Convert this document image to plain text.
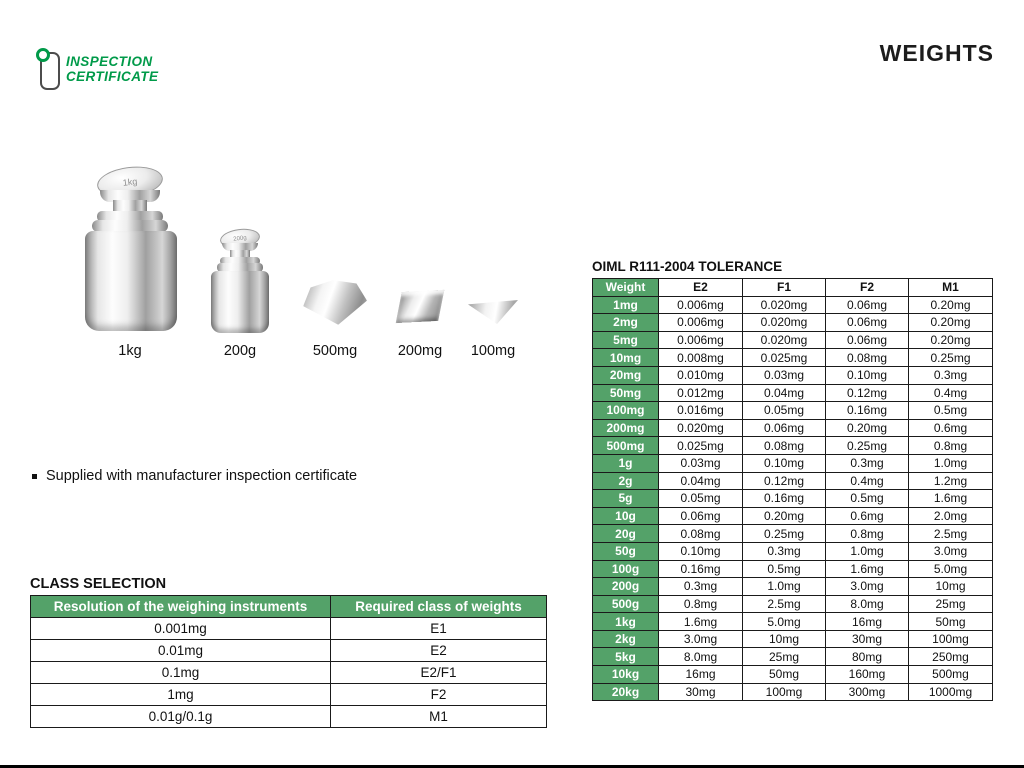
WEIGHTS
INSPECTION
CERTIFICATE
1kg
200g
1kg	200g	500mg	200mg	100mg
Supplied with manufacturer inspection certificate
CLASS SELECTION
Resolution of the weighing instruments	Required class of weights
0.001mg	E1
0.01mg	E2
0.1mg	E2/F1
1mg	F2
0.01g/0.1g	M1
OIML R111-2004 TOLERANCE
Weight	E2	F1	F2	M1
1mg	0.006mg	0.020mg	0.06mg	0.20mg
2mg	0.006mg	0.020mg	0.06mg	0.20mg
5mg	0.006mg	0.020mg	0.06mg	0.20mg
10mg	0.008mg	0.025mg	0.08mg	0.25mg
20mg	0.010mg	0.03mg	0.10mg	0.3mg
50mg	0.012mg	0.04mg	0.12mg	0.4mg
100mg	0.016mg	0.05mg	0.16mg	0.5mg
200mg	0.020mg	0.06mg	0.20mg	0.6mg
500mg	0.025mg	0.08mg	0.25mg	0.8mg
1g	0.03mg	0.10mg	0.3mg	1.0mg
2g	0.04mg	0.12mg	0.4mg	1.2mg
5g	0.05mg	0.16mg	0.5mg	1.6mg
10g	0.06mg	0.20mg	0.6mg	2.0mg
20g	0.08mg	0.25mg	0.8mg	2.5mg
50g	0.10mg	0.3mg	1.0mg	3.0mg
100g	0.16mg	0.5mg	1.6mg	5.0mg
200g	0.3mg	1.0mg	3.0mg	10mg
500g	0.8mg	2.5mg	8.0mg	25mg
1kg	1.6mg	5.0mg	16mg	50mg
2kg	3.0mg	10mg	30mg	100mg
5kg	8.0mg	25mg	80mg	250mg
10kg	16mg	50mg	160mg	500mg
20kg	30mg	100mg	300mg	1000mg
